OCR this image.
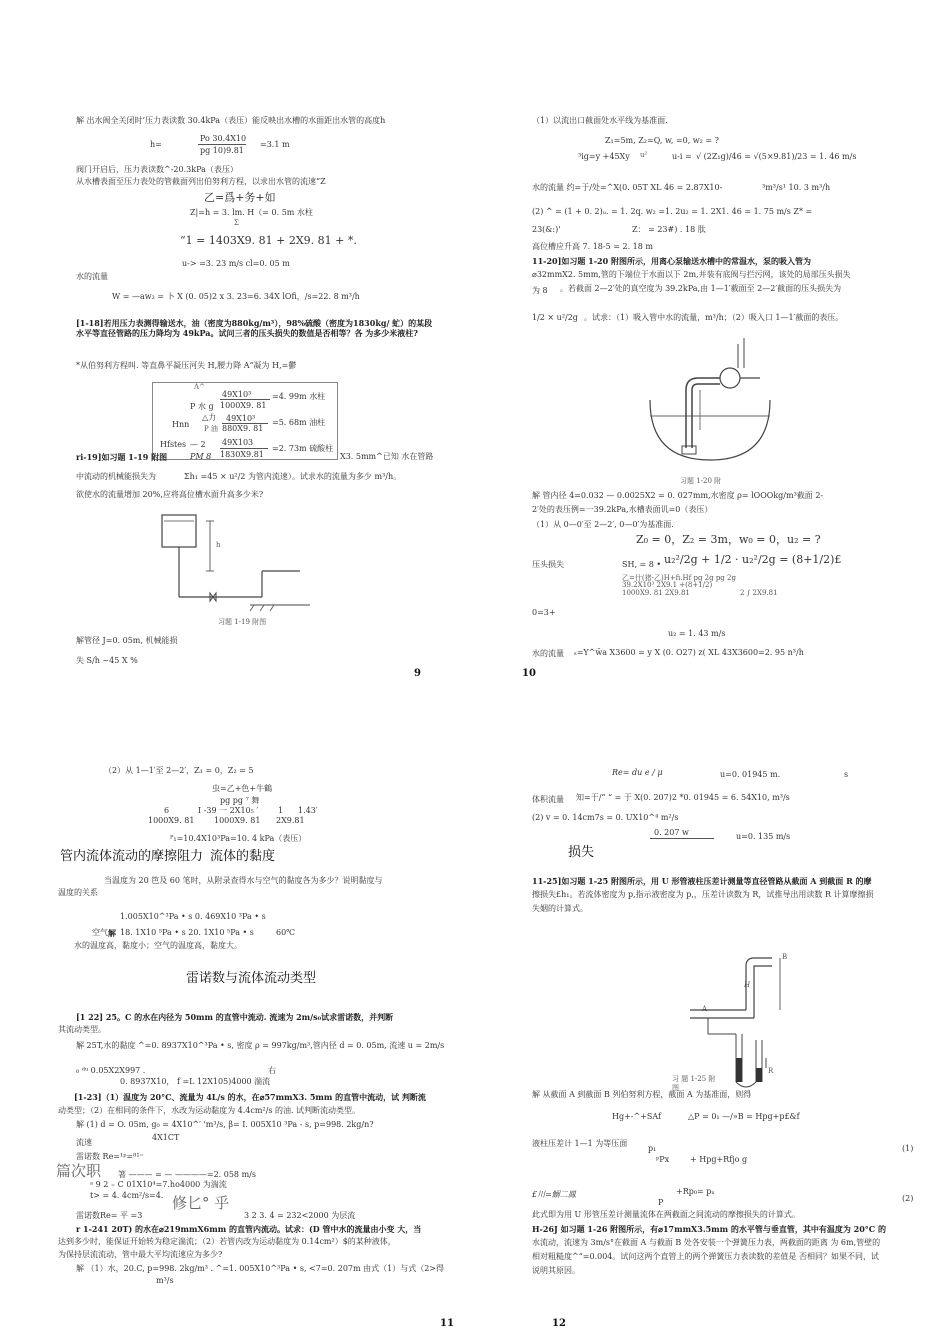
解 出水阀全关闭时’压力表读数 30.4kPa（表压）能反映出水槽的水面距出水管的高度h
h=
Po 30.4X10
pg 10)9.81
=3.1 m
阀门开启后，压力表读数^-20.3kPa（表压）
从水槽表面至压力表处的管截面列出伯努利方程，以求出水管的流速“Z
乙=爲+务+如
Z|=h = 3. lm. H（= 0. 5m 水柱
Σ
“1 = 1403X9. 81 + 2X9. 81 + *.
u-> =3. 23 m/s cl=0. 05 m
水的流量
W = —aw₂ = 卜 X (0. 05)2 x 3. 23=6. 34X lOfi，/s=22. 8 m³/h
[1-18]若用压力表测得输送水，油（密度为880kg/m³），98%硫酸（密度为1830kg/ 虻）的某段水平等直径管路的压力降均为 49kPa。试问三者的压头损失的数值是否相等？各 为多少米液柱?
*从伯努利方程叫. 等直鼻平凝压河失 H,腰力降 A“凝为 H,=鬱
Λ^
P 水 g
49X10³
1000X9. 81
=4. 99m 水柱
Hnn
△力
P 油
49X10³
880X9. 81
=5. 68m 油柱
Hfstes — 2
PM 8
49X103
1830X9.81
=2. 73m 硫酸柱
ri-19]如习题 1-19 附图	X3. 5mm^已知 水在管路
中流动的机械能损失为	Σh₁ =45 × u²/2 为管内流速）。试求水的流量为多少 m³/h。
欲使水的流量增加 20%,应将高位槽水面升高多少米?
h
习题 1-19 附图
解管径 J=0. 05m, 机械能损
失 S/h ~45 X %
9
（1）以流出口截面处水平线为基准面.
Z₁=5m, Z₂=Q, w, =0, w₂ = ?
³ig=y +45Xy u²	u-i = √ (2Z₁g)/46 = √(5×9.81)/23 = 1. 46 m/s
水的流量 约=于/处=^X(0. 05T XL 46 = 2.87X10-	³m³/s¹ 10. 3 m³/h
(2) ^ = (1 + 0. 2)ᵤ. = 1. 2q. w₂ =1. 2u₂ = 1. 2X1. 46 = 1. 75 m/s Z* =
23(&:)'	Z： = 23#) . 18 肽
高位槽应升高 7. 18-5 = 2. 18 m
11-20]如习题 1-20 附图所示，用离心泵输送水槽中的常温水，泵的吸入管为
⌀32mmX2. 5mm,管的下端位于水面以下 2m,并装有底阀与拦污网，该处的局部压头损失
为 8 。若截面 2—2′处的真空度为 39.2kPa,由 1—1′截面至 2—2′截面的压头损失为
1/2 × u²/2g 。试求：（1）吸入管中水的流量，m³/h；（2）吸入口 1—1′截面的表压。
习题 1-20 附
解 管内径 4=0.032 — 0.0025X2 = 0. 027mm,水密度 ρ= lOOOkg/m³截面 2-
2′处的表压例=一39.2kPa,水槽表面讥=0（表压）
（1）从 0—0′至 2—2′, 0—0′为基准面.
Z₀ = 0，Z₂ = 3m，w₀ = 0，u₂ = ?
压头损失	SH, = 8 • u₂²/2g + 1/2 · u₂²/2g = (8+1/2)£
乙=什(猪-乙)H+fi.Hf pg 2g pg 2g
39.2X10³ 2X9.1 +(8+1/2)
1000X9. 81 2X9.81	2 ∫ 2X9.81
0=3+
u₂ = 1. 43 m/s
水的流量 ₛ=Y^w̄a X3600 = y X (0. O27) z( XL 43X3600=2. 95 n³/h
10
（2）从 1—1′至 2—2′，Z₁ = 0，Z₂ = 5
虫=乙+色+牛鶴
pg pg ⁷ 舞
6	I -39 一 2X10₅ ′ 1 1.43′
1000X9. 81 1000X9. 81 2X9.81
ᴾ₁=10.4X10³Pa=10. 4 kPa（表压）
管内流体流动的摩擦阻力 流体的黏度
当温度为 20 笆及 60 笔时，从附录查得水与空气的黏度各为多少？说明黏度与
温度的关系
1.005X10^³Pa • s 0. 469X10 ³Pa • s
空气 解 18. 1X10 ⁵Pa • s 20. 1X10 ⁵Pa • s	60℃
水的温度高，黏度小；空气的温度高，黏度大。
雷诺数与流体流动类型
[1 22] 25。C 的水在内径为 50mm 的直管中流动. 流速为 2m/s₀试求雷诺数，并判断
其流动类型。
解 25T,水的黏度 ^=0. 8937X10^³Pa • s, 密度 ρ = 997kg/m³,管内径 d = 0. 05m, 流速 u = 2m/s
₀ ᵈᵘ 0.05X2X997 .	右
0. 8937X10， f =L 12X105)4000 湍流
[1-23]（1）温度为 20°C、流量为 4L/s 的水，在⌀57mmX3. 5mm 的直管中流动，试 判断流
动类型；（2）在相同的条件下，水改为运动黏度为 4.4cm²/s 的油. 试判断流动类型。
解 (1) d = O. 05m, g₀ = 4X10^′ 'm³/s, β= I. 005X10 ³Pa - s, p=998. 2kg/n?
流速
4X1CT
雷诺数 Re=¹ᵖ=⁸¹⁼
篇次职 箸 ——— = — ————=2. 058 m/s
ᵃ 9 2 ₌ C 01X10⁴=7.ho4000 为湍流
t> = 4. 4cm²/s=4. 修匕° 乎
雷诺数Re= 平 =3	3 2 3. 4 = 232<2000 为层流
r 1-241 20T) 的水在⌀219mmX6mm 的直管内流动。试求：(D 管中水的流量由小变 大，当
达到多少时，能保证开始转为稳定湍流；（2）若管内改为运动黏度为 0.14cm²）$的某种液体，
为保持层流流动，管中最大平均流速应为多少?
解 （1）水，20.C, p=998. 2kg/m³ . ^=1. 005X10^³Pa • s, <7=0. 207m 由式（1）与式（2>得
m³/s
11
Re= du e / μ	u=0. 01945 m.	s
体积流量 知=于/“ “ = 于 X(0. 207)2 *0. 01945 = 6. 54X10, m³/s
(2) v = 0. 14cm7s = 0. UX10^⁴ m²/s
0. 207 w	u=0. 135 m/s
损失
11-25]如习题 1-25 附图所示，用 U 形管液柱压差计测量等直径管路从截面 A 到截面 R 的摩
擦损失£h₁。若流体密度为 p,指示液密度为 p,，压差计读数为 R，试推导出用读数 R 计算摩擦损
失姻的计算式。
A
B
R
H
习 题 1-25 附
图
解 从截面 A 到截面 B 列伯努利方程，截面 A 为基准面，则得
Hg+-^+SAf	△P = 0₁ —/»B = Hpg+p£&f
液柱压差计 1—1 为等压面
p₁
ᵖPx	+ Hpg+Rfjo g
(1)
£川=鰯二鳳
P
+Rp₀= pₓ
(2)
此式即为用 U 形管压差计测量流体在两截面之间流动的摩擦损失的计算式。
H-26J 如习题 1-26 附图所示，有⌀17mmX3.5mm 的水平管与垂直管，其中有温度为 20°C 的
水流动，流速为 3m/s°在截面 A 与截面 B 处各安装一个弹簧压力表，两截面的距离 为 6m,管壁的
相对粗糙度^“=0.004。试问这两个直管上的两个弹簧压力表读数的差值是 否相同？如果不同，试
说明其原因。
12
